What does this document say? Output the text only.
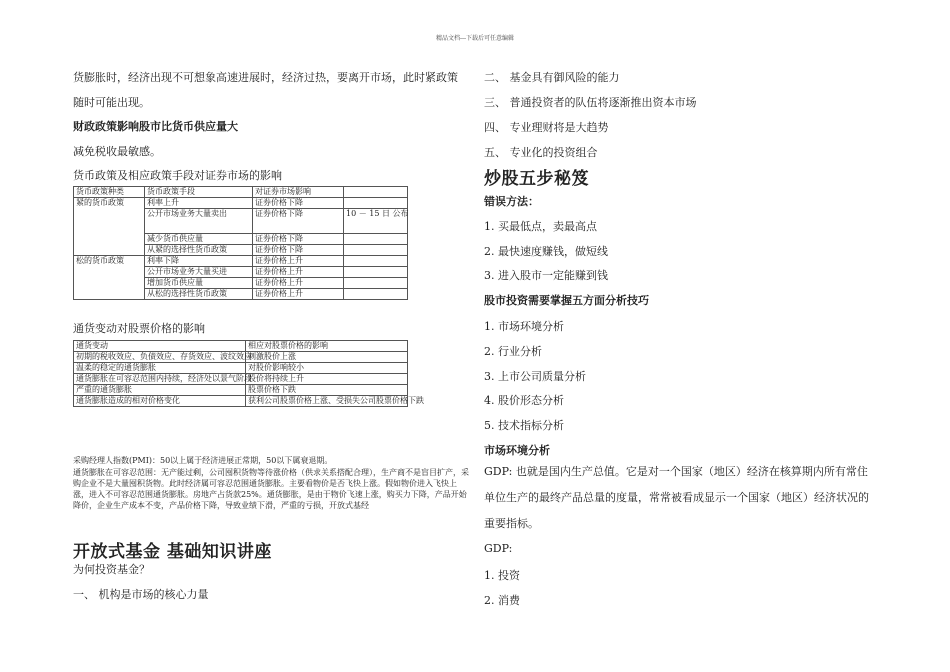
精品文档---下载后可任意编辑
货膨胀时，经济出现不可想象高速进展时，经济过热，要离开市场，此时紧政策
随时可能出现。
财政政策影响股市比货币供应量大
减免税收最敏感。
货币政策及相应政策手段对证券市场的影响
货币政策种类	货币政策手段	对证券市场影响	
紧的货币政策	利率上升	证券价格下降	
	公开市场业务大量卖出	证券价格下降	10 － 15 日 公布
	减少货币供应量	证券价格下降	
	从紧的选择性货币政策	证券价格下降	
松的货币政策	利率下降	证券价格上升	
	公开市场业务大量买进	证券价格上升	
	增加货币供应量	证券价格上升	
	从松的选择性货币政策	证券价格上升	
通货变动对股票价格的影响
通货变动	相应对股票价格的影响
初期的税收效应、负债效应、存货效应、波纹效应	刺激股价上涨
温柔的稳定的通货膨胀	对股价影响较小
通货膨胀在可容忍范围内持续，经济处以景气阶段	股价将持续上升
严重的通货膨胀	股票价格下跌
通货膨胀造成的相对价格变化	获利公司股票价格上涨、受损失公司股票价格下跌
采购经理人指数(PMI)：50以上属于经济进展正常期，50以下属衰退期。
通货膨胀在可容忍范围：无产能过剩，公司囤积货物等待涨价格（供求关系搭配合理），生产商不是盲目扩产，采购企业不是大量囤积货物。此时经济属可容忍范围通货膨胀。主要看物价是否飞快上涨。假如物价进入飞快上涨，进入不可容忍范围通货膨胀。房地产占货款25%。通货膨胀，是由于物价飞速上涨，购买力下降，产品开始降价，企业生产成本不变，产品价格下降，导致业绩下滑，严重的亏损，开放式基经
开放式基金 基础知识讲座
为何投资基金？
一、 机构是市场的核心力量
二、 基金具有御风险的能力
三、 普通投资者的队伍将逐渐推出资本市场
四、 专业理财将是大趋势
五、 专业化的投资组合
炒股五步秘笈
错误方法：
1. 买最低点，卖最高点
2. 最快速度赚钱，做短线
3. 进入股市一定能赚到钱
股市投资需要掌握五方面分析技巧
1. 市场环境分析
2. 行业分析
3. 上市公司质量分析
4. 股价形态分析
5. 技术指标分析
市场环境分析
GDP: 也就是国内生产总值。它是对一个国家（地区）经济在核算期内所有常住单位生产的最终产品总量的度量，常常被看成显示一个国家（地区）经济状况的重要指标。
GDP:
1. 投资
2. 消费
